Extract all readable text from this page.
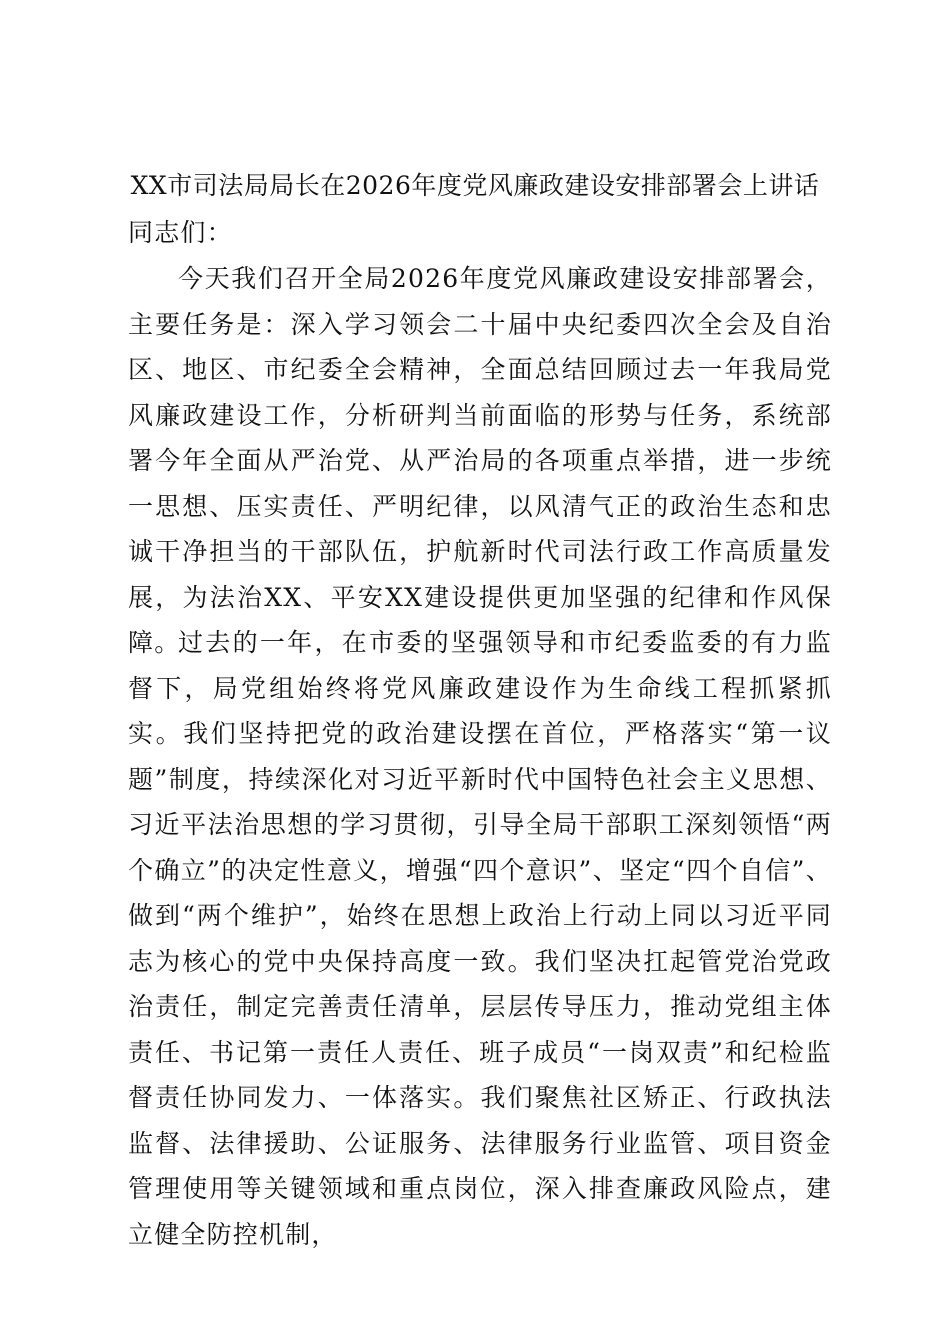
XX市司法局局长在2026年度党风廉政建设安排部署会上讲话

同志们：

今天我们召开全局2026年度党风廉政建设安排部署会，主要任务是：深入学习领会二十届中央纪委四次全会及自治区、地区、市纪委全会精神，全面总结回顾过去一年我局党风廉政建设工作，分析研判当前面临的形势与任务，系统部署今年全面从严治党、从严治局的各项重点举措，进一步统一思想、压实责任、严明纪律，以风清气正的政治生态和忠诚干净担当的干部队伍，护航新时代司法行政工作高质量发展，为法治XX、平安XX建设提供更加坚强的纪律和作风保障。

过去的一年，在市委的坚强领导和市纪委监委的有力监督下，局党组始终将党风廉政建设作为生命线工程抓紧抓实。我们坚持把党的政治建设摆在首位，严格落实“第一议题”制度，持续深化对习近平新时代中国特色社会主义思想、习近平法治思想的学习贯彻，引导全局干部职工深刻领悟“两个确立”的决定性意义，增强“四个意识”、坚定“四个自信”、做到“两个维护”，始终在思想上政治上行动上同以习近平同志为核心的党中央保持高度一致。我们坚决扛起管党治党政治责任，制定完善责任清单，层层传导压力，推动党组主体责任、书记第一责任人责任、班子成员“一岗双责”和纪检监督责任协同发力、一体落实。我们聚焦社区矫正、行政执法监督、法律援助、公证服务、法律服务行业监管、项目资金管理使用等关键领域和重点岗位，深入排查廉政风险点，建立健全防控机制，
